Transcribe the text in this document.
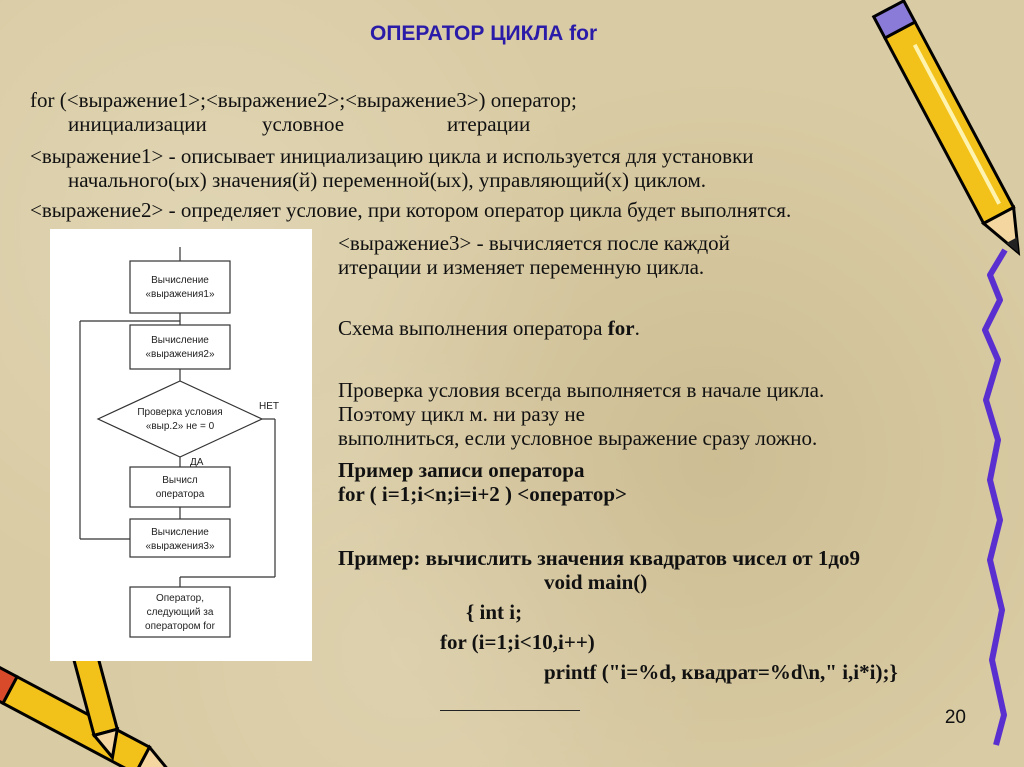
ОПЕРАТОР ЦИКЛА for
for (<выражение1>;<выражение2>;<выражение3>) оператор;
инициализации	условное	итерации
<выражение1> - описывает инициализацию цикла и используется для установки
начального(ых) значения(й) переменной(ых), управляющий(х) циклом.
<выражение2> - определяет условие, при котором оператор цикла будет выполнятся.
<выражение3> - вычисляется после каждой
итерации и изменяет переменную цикла.
Схема выполнения оператора for.
Проверка условия всегда выполняется в начале цикла.
Поэтому цикл м. ни разу не
выполниться, если условное выражение сразу ложно.
Пример записи оператора
for ( i=1;i<n;i=i+2 ) <оператор>
Пример: вычислить значения квадратов чисел от 1до9
void main()
{ int i;
for (i=1;i<10,i++)
printf ("i=%d, квадрат=%d\n," i,i*i);}
20
Вычисление
«выражения1»
Вычисление
«выражения2»
Проверка условия
«выр.2» не = 0
НЕТ
ДА
Вычисл
оператора
Вычисление
«выражения3»
Оператор,
следующий за
оператором for
